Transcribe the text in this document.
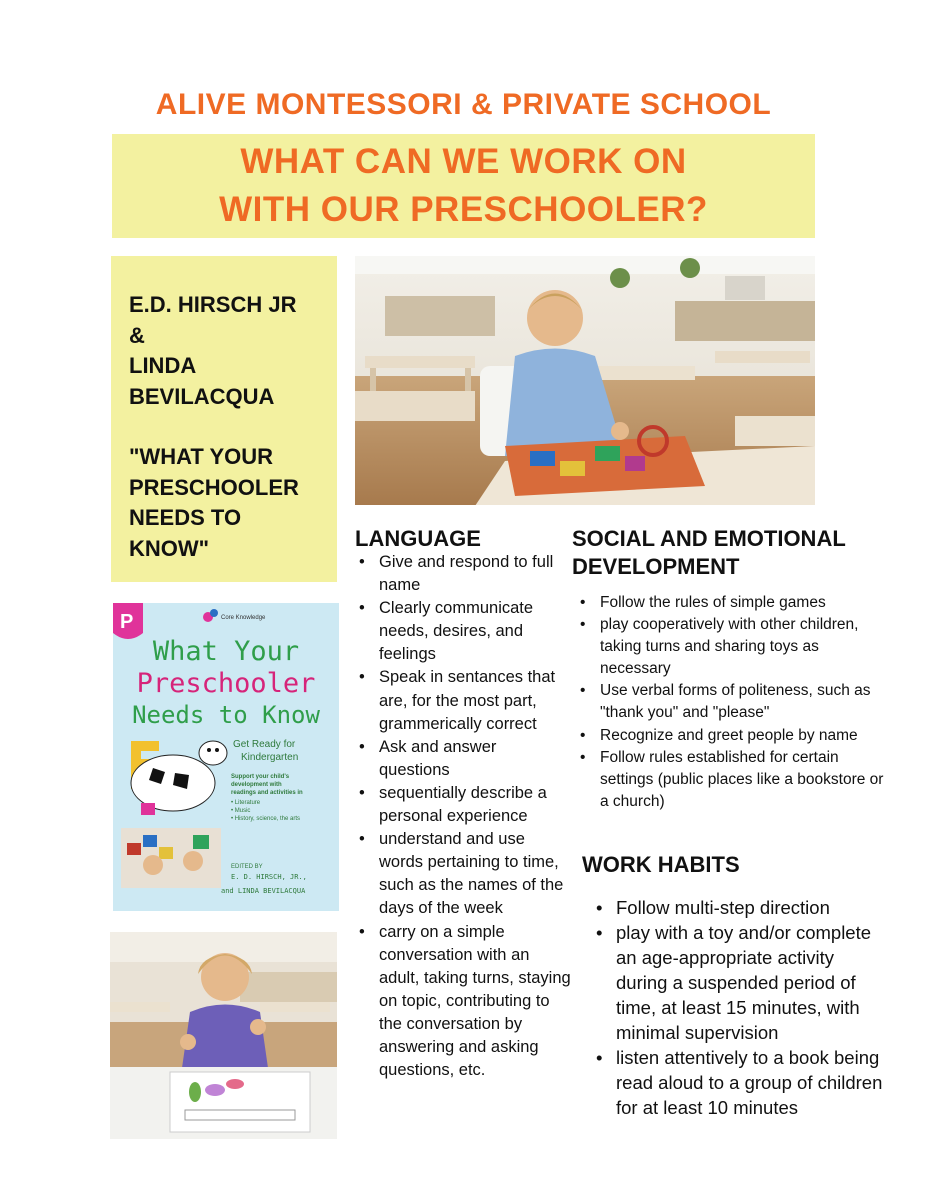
ALIVE MONTESSORI & PRIVATE SCHOOL
WHAT CAN WE WORK ON
WITH OUR PRESCHOOLER?
E.D. HIRSCH JR
&
LINDA
BEVILACQUA
"WHAT YOUR
PRESCHOOLER
NEEDS TO
KNOW"
P	Core Knowledge
What Your
Preschooler
Needs to Know
Get Ready for
Kindergarten
Support your child's
development with
readings and activities in
• Literature
• Music
• History, science, the arts
EDITED BY
E. D. HIRSCH, JR.,
and LINDA BEVILACQUA
LANGUAGE
• Give and respond to full name
• Clearly communicate needs, desires, and feelings
• Speak in sentances that are, for the most part, grammerically correct
• Ask and answer questions
• sequentially describe a personal experience
• understand and use words pertaining to time, such as the names of the days of the week
• carry on a simple conversation with an adult, taking turns, staying on topic, contributing to the conversation by answering and asking questions, etc.
SOCIAL AND EMOTIONAL
DEVELOPMENT
• Follow the rules of simple games
• play cooperatively with other children, taking turns and sharing toys as necessary
• Use verbal forms of politeness, such as "thank you" and "please"
• Recognize and greet people by name
• Follow rules established for certain settings (public places like a bookstore or a church)
WORK HABITS
• Follow multi-step direction
• play with a toy and/or complete an age-appropriate activity during a suspended period of time, at least 15 minutes, with minimal supervision
• listen attentively to a book being read aloud to a group of children for at least 10 minutes
